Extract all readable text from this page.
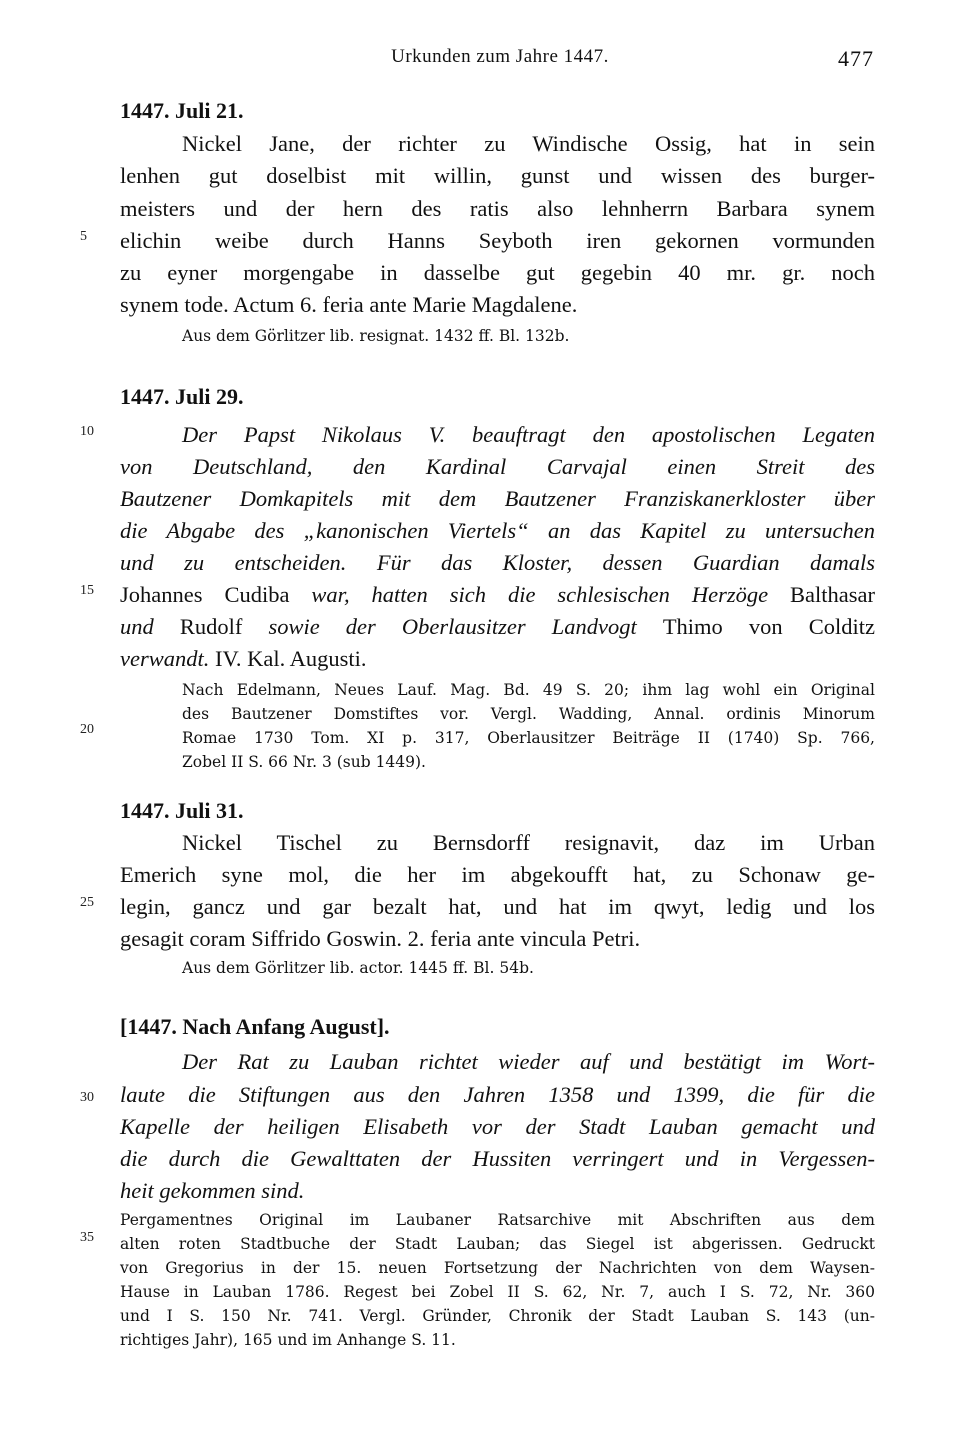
Urkunden zum Jahre 1447.	477
5
10
15
20
25
30
35
1447. Juli 21.
Nickel Jane, der richter zu Windische Ossig, hat in sein
lenhen gut doselbist mit willin, gunst und wissen des burger-
meisters und der hern des ratis also lehnherrn Barbara synem
elichin weibe durch Hanns Seyboth iren gekornen vormunden
zu eyner morgengabe in dasselbe gut gegebin 40 mr. gr. noch
synem tode. Actum 6. feria ante Marie Magdalene.
Aus dem Görlitzer lib. resignat. 1432 ff. Bl. 132b.
1447. Juli 29.
Der Papst Nikolaus V. beauftragt den apostolischen Legaten
von Deutschland, den Kardinal Carvajal einen Streit des
Bautzener Domkapitels mit dem Bautzener Franziskanerkloster über
die Abgabe des „kanonischen Viertels“ an das Kapitel zu untersuchen
und zu entscheiden. Für das Kloster, dessen Guardian damals
Johannes Cudiba war, hatten sich die schlesischen Herzöge Balthasar
und Rudolf sowie der Oberlausitzer Landvogt Thimo von Colditz
verwandt. IV. Kal. Augusti.
Nach Edelmann, Neues Lauf. Mag. Bd. 49 S. 20; ihm lag wohl ein Original
des Bautzener Domstiftes vor. Vergl. Wadding, Annal. ordinis Minorum
Romae 1730 Tom. XI p. 317, Oberlausitzer Beiträge II (1740) Sp. 766,
Zobel II S. 66 Nr. 3 (sub 1449).
1447. Juli 31.
Nickel Tischel zu Bernsdorff resignavit, daz im Urban
Emerich syne mol, die her im abgekoufft hat, zu Schonaw ge-
legin, gancz und gar bezalt hat, und hat im qwyt, ledig und los
gesagit coram Siffrido Goswin. 2. feria ante vincula Petri.
Aus dem Görlitzer lib. actor. 1445 ff. Bl. 54b.
[1447. Nach Anfang August].
Der Rat zu Lauban richtet wieder auf und bestätigt im Wort-
laute die Stiftungen aus den Jahren 1358 und 1399, die für die
Kapelle der heiligen Elisabeth vor der Stadt Lauban gemacht und
die durch die Gewalttaten der Hussiten verringert und in Vergessen-
heit gekommen sind.
Pergamentnes Original im Laubaner Ratsarchive mit Abschriften aus dem
alten roten Stadtbuche der Stadt Lauban; das Siegel ist abgerissen. Gedruckt
von Gregorius in der 15. neuen Fortsetzung der Nachrichten von dem Waysen-
Hause in Lauban 1786. Regest bei Zobel II S. 62, Nr. 7, auch I S. 72, Nr. 360
und I S. 150 Nr. 741. Vergl. Gründer, Chronik der Stadt Lauban S. 143 (un-
richtiges Jahr), 165 und im Anhange S. 11.
